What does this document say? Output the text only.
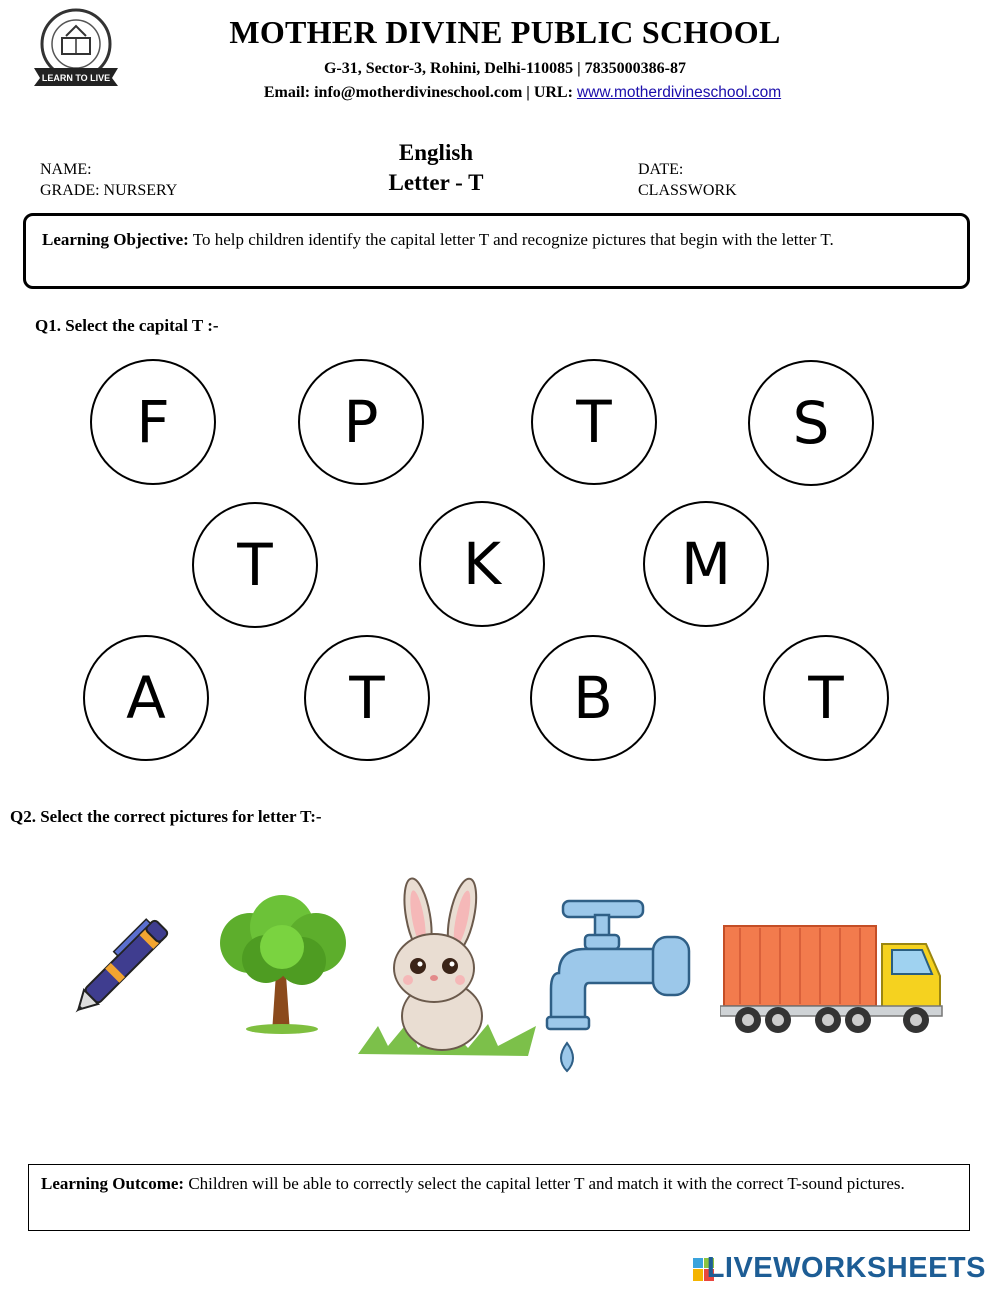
LEARN TO LIVE
MOTHER DIVINE PUBLIC SCHOOL
G-31, Sector-3, Rohini, Delhi-110085 | 7835000386-87
Email: info@motherdivineschool.com | URL: www.motherdivineschool.com
NAME:
GRADE: NURSERY
English
Letter - T
DATE:
CLASSWORK
Learning Objective: To help children identify the capital letter T and recognize pictures that begin with the letter T.
Q1. Select the capital T :-
F	P	T	S
T	K	M
A	T	B	T
Q2. Select the correct pictures for letter T:-
Learning Outcome: Children will be able to correctly select the capital letter T and match it with the correct T-sound pictures.
LIVEWORKSHEETS
